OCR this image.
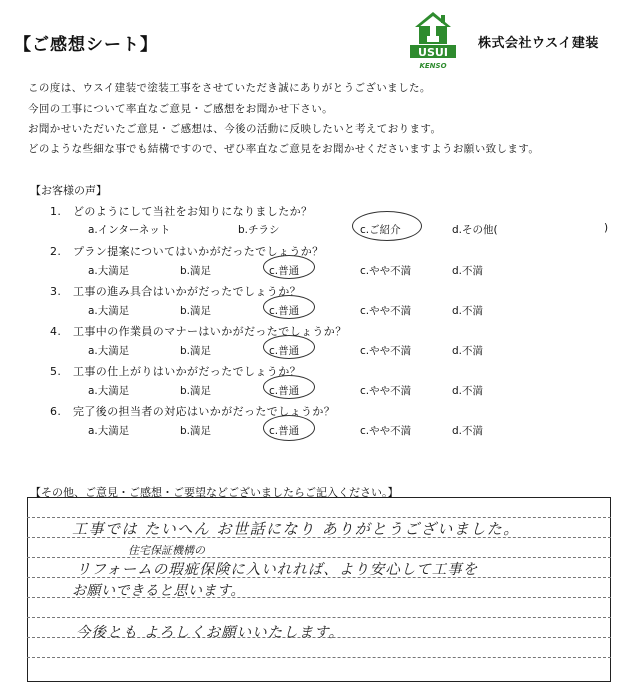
【ご感想シート】	USUI
KENSO
株式会社ウスイ建装
この度は、ウスイ建装で塗装工事をさせていただき誠にありがとうございました。
今回の工事について率直なご意見・ご感想をお聞かせ下さい。
お聞かせいただいたご意見・ご感想は、今後の活動に反映したいと考えております。
どのような些細な事でも結構ですので、ぜひ率直なご意見をお聞かせくださいますようお願い致します。
【お客様の声】
1. どのようにして当社をお知りになりましたか？
a.インターネット	b.チラシ	c.ご紹介	d.その他(	)
2. プラン提案についてはいかがだったでしょうか？
a.大満足	b.満足	c.普通	c.やや不満	d.不満
3. 工事の進み具合はいかがだったでしょうか？
a.大満足	b.満足	c.普通	c.やや不満	d.不満
4. 工事中の作業員のマナーはいかがだったでしょうか？
a.大満足	b.満足	c.普通	c.やや不満	d.不満
5. 工事の仕上がりはいかがだったでしょうか？
a.大満足	b.満足	c.普通	c.やや不満	d.不満
6. 完了後の担当者の対応はいかがだったでしょうか？
a.大満足	b.満足	c.普通	c.やや不満	d.不満
【その他、ご意見・ご感想・ご要望などございましたらご記入ください。】
工事では たいへん お世話になり ありがとうございました。
住宅保証機構の
リフォームの瑕疵保険に入いれれば、より安心して工事を
お願いできると思います。
今後とも よろしくお願いいたします。
